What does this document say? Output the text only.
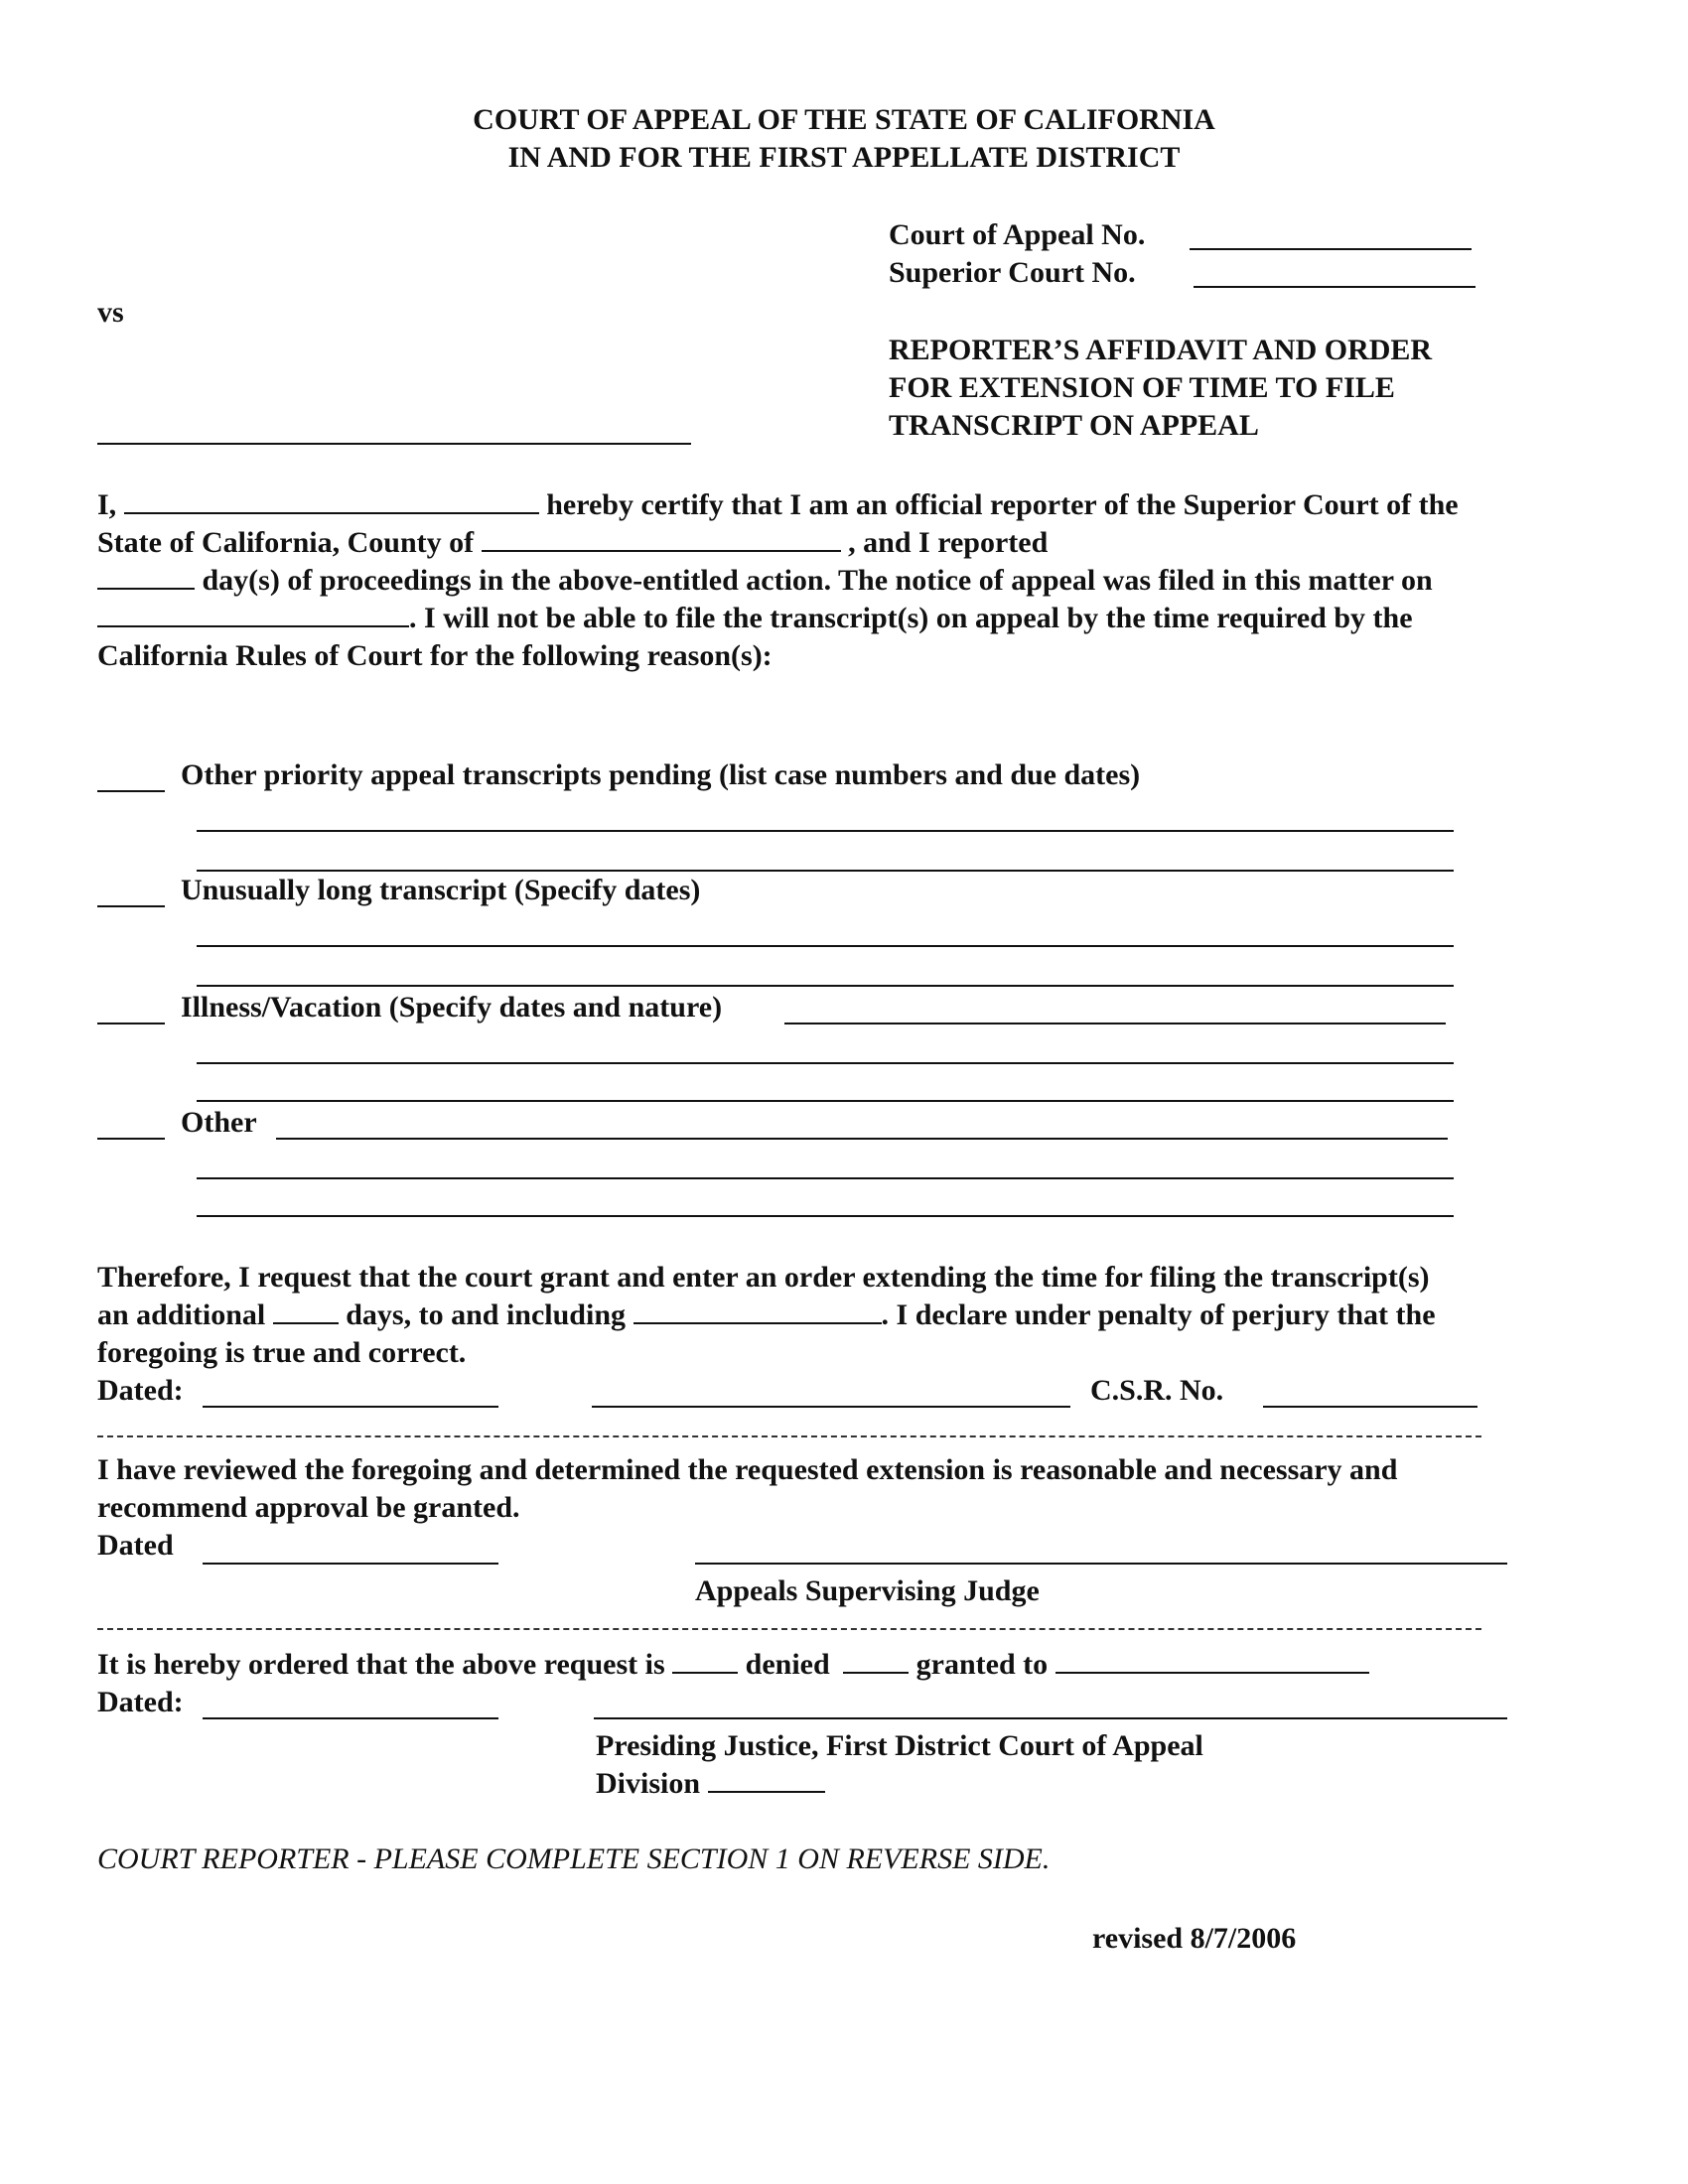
COURT OF APPEAL OF THE STATE OF CALIFORNIA
IN AND FOR THE FIRST APPELLATE DISTRICT
Court of Appeal No.
Superior Court No.
vs
REPORTER’S AFFIDAVIT AND ORDER
FOR EXTENSION OF TIME TO FILE
TRANSCRIPT ON APPEAL
I,	hereby certify that I am an official reporter of the Superior Court of the
State of California, County of	, and I reported
day(s) of proceedings in the above-entitled action. The notice of appeal was filed in this matter on
. I will not be able to file the transcript(s) on appeal by the time required by the
California Rules of Court for the following reason(s):
Other priority appeal transcripts pending (list case numbers and due dates)
Unusually long transcript (Specify dates)
Illness/Vacation (Specify dates and nature)
Other
Therefore, I request that the court grant and enter an order extending the time for filing the transcript(s)
an additional	days, to and including	. I declare under penalty of perjury that the
foregoing is true and correct.
Dated:	C.S.R. No.
I have reviewed the foregoing and determined the requested extension is reasonable and necessary and
recommend approval be granted.
Dated
Appeals Supervising Judge
It is hereby ordered that the above request is	denied	granted to
Dated:
Presiding Justice, First District Court of Appeal
Division
COURT REPORTER - PLEASE COMPLETE SECTION 1 ON REVERSE SIDE.
revised 8/7/2006
